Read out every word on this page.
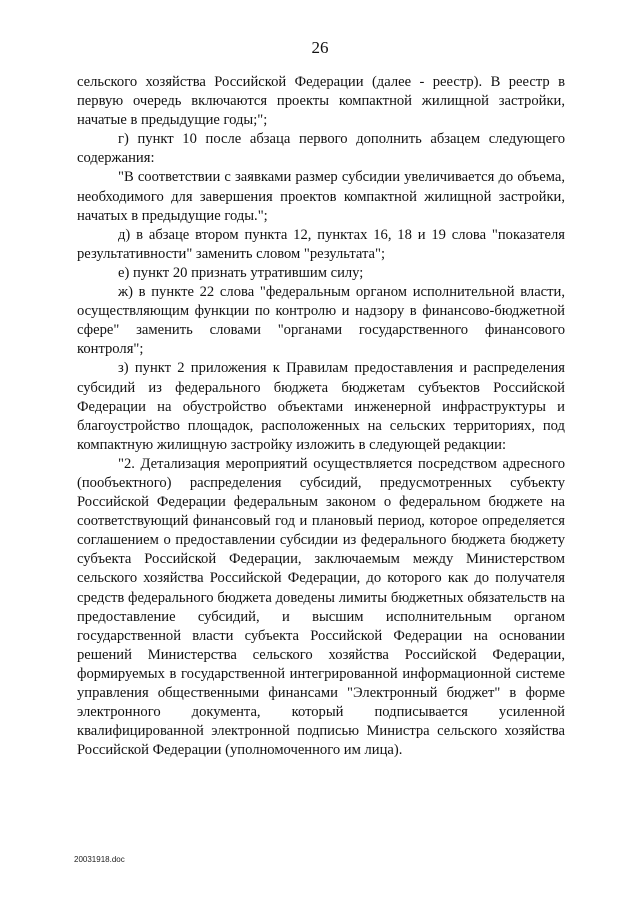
26

сельского хозяйства Российской Федерации (далее - реестр). В реестр в первую очередь включаются проекты компактной жилищной застройки, начатые в предыдущие годы;";

г) пункт 10 после абзаца первого дополнить абзацем следующего содержания:

"В соответствии с заявками размер субсидии увеличивается до объема, необходимого для завершения проектов компактной жилищной застройки, начатых в предыдущие годы.";

д) в абзаце втором пункта 12, пунктах 16, 18 и 19 слова "показателя результативности" заменить словом "результата";

е) пункт 20 признать утратившим силу;

ж) в пункте 22 слова "федеральным органом исполнительной власти, осуществляющим функции по контролю и надзору в финансово-бюджетной сфере" заменить словами "органами государственного финансового контроля";

з) пункт 2 приложения к Правилам предоставления и распределения субсидий из федерального бюджета бюджетам субъектов Российской Федерации на обустройство объектами инженерной инфраструктуры и благоустройство площадок, расположенных на сельских территориях, под компактную жилищную застройку изложить в следующей редакции:

"2. Детализация мероприятий осуществляется посредством адресного (пообъектного) распределения субсидий, предусмотренных субъекту Российской Федерации федеральным законом о федеральном бюджете на соответствующий финансовый год и плановый период, которое определяется соглашением о предоставлении субсидии из федерального бюджета бюджету субъекта Российской Федерации, заключаемым между Министерством сельского хозяйства Российской Федерации, до которого как до получателя средств федерального бюджета доведены лимиты бюджетных обязательств на предоставление субсидий, и высшим исполнительным органом государственной власти субъекта Российской Федерации на основании решений Министерства сельского хозяйства Российской Федерации, формируемых в государственной интегрированной информационной системе управления общественными финансами "Электронный бюджет" в форме электронного документа, который подписывается усиленной квалифицированной электронной подписью Министра сельского хозяйства Российской Федерации (уполномоченного им лица).

20031918.doc
